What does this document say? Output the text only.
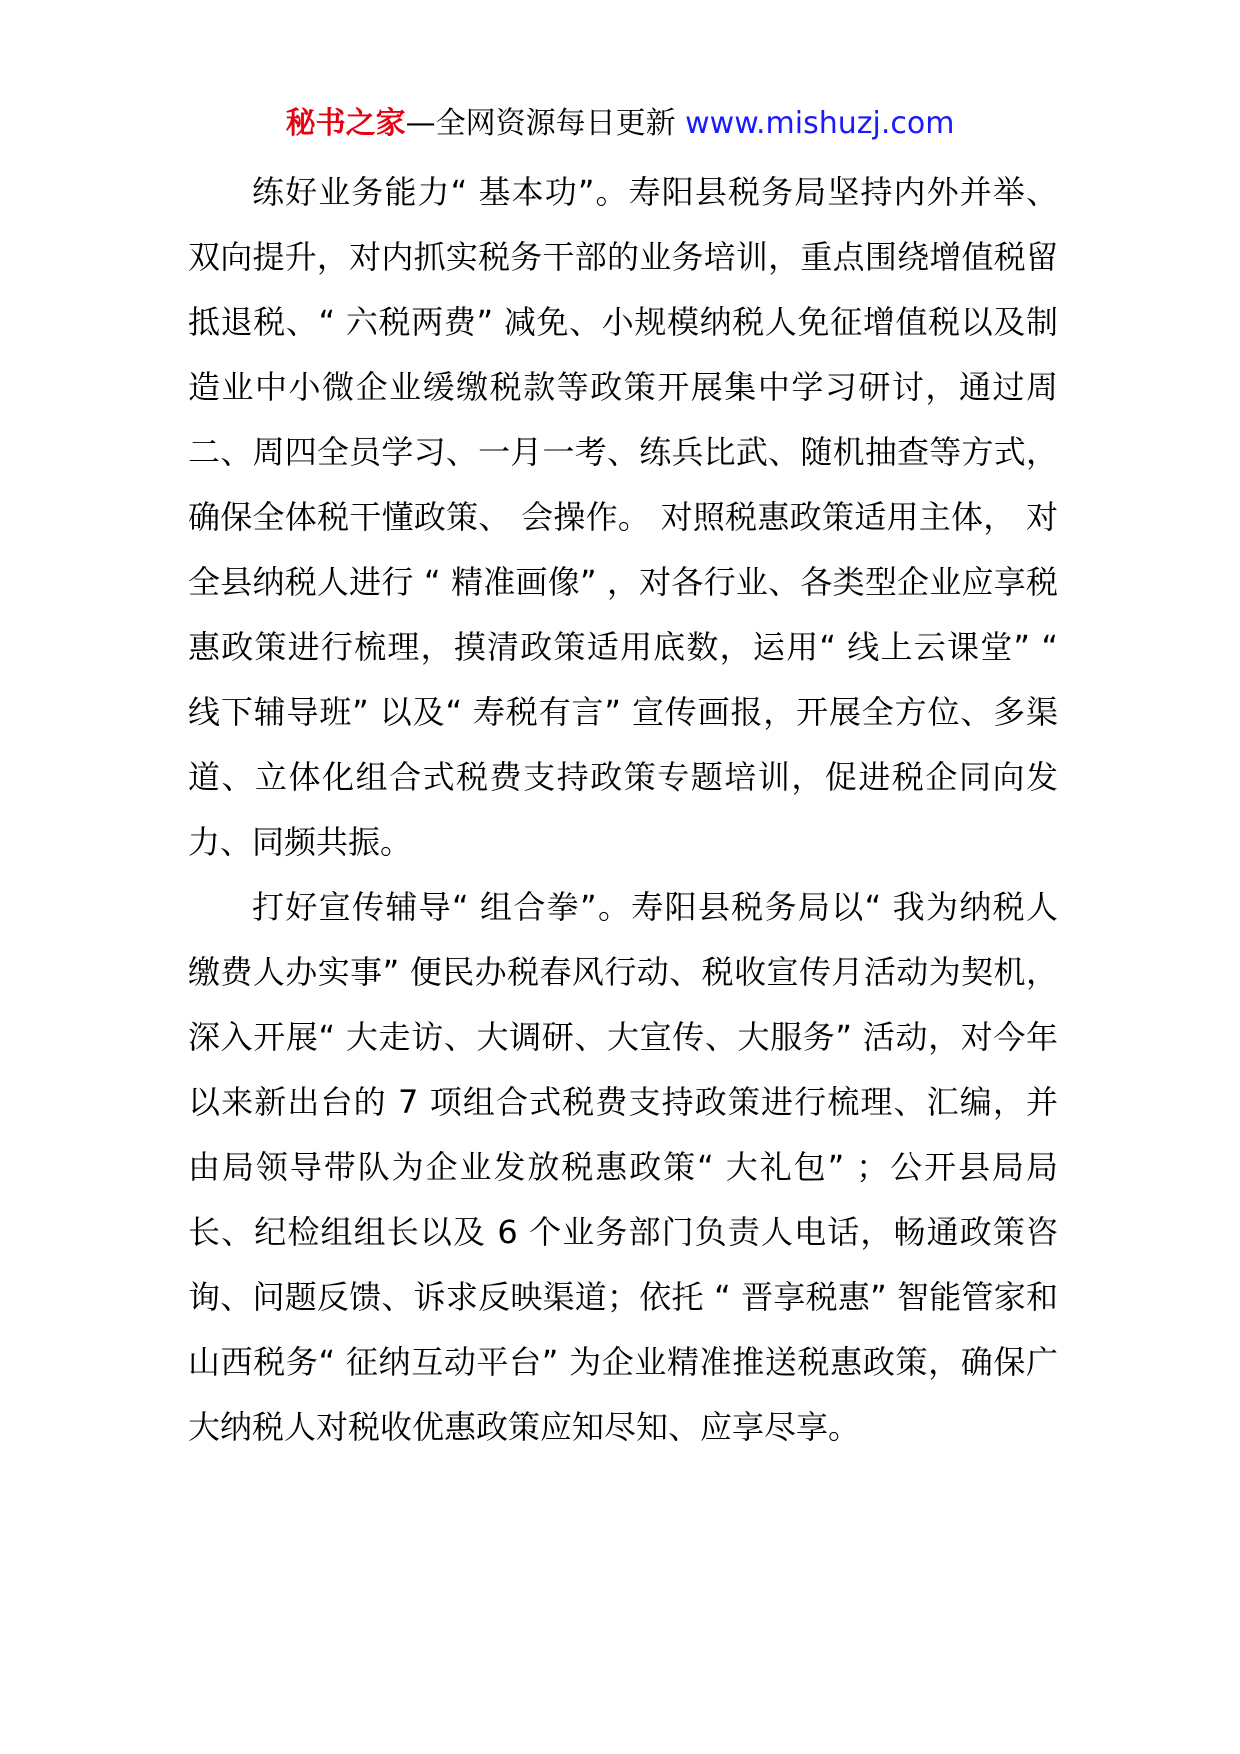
秘书之家—全网资源每日更新 www.mishuzj.com

练好业务能力“ 基本功”。寿阳县税务局坚持内外并举、双向提升，对内抓实税务干部的业务培训，重点围绕增值税留抵退税、“ 六税两费” 减免、小规模纳税人免征增值税以及制造业中小微企业缓缴税款等政策开展集中学习研讨，通过周二、周四全员学习、一月一考、练兵比武、随机抽查等方式， 确保全体税干懂政策、 会操作。 对照税惠政策适用主体， 对全县纳税人进行 “ 精准画像” ，对各行业、各类型企业应享税惠政策进行梳理，摸清政策适用底数，运用“ 线上云课堂” “ 线下辅导班” 以及“ 寿税有言” 宣传画报，开展全方位、多渠道、立体化组合式税费支持政策专题培训，促进税企同向发力、同频共振。

打好宣传辅导“ 组合拳”。寿阳县税务局以“ 我为纳税人缴费人办实事” 便民办税春风行动、税收宣传月活动为契机，深入开展“ 大走访、大调研、大宣传、大服务” 活动，对今年以来新出台的 7 项组合式税费支持政策进行梳理、汇编，并由局领导带队为企业发放税惠政策“ 大礼包” ；公开县局局长、纪检组组长以及 6 个业务部门负责人电话，畅通政策咨询、问题反馈、诉求反映渠道；依托 “ 晋享税惠” 智能管家和山西税务“ 征纳互动平台” 为企业精准推送税惠政策，确保广大纳税人对税收优惠政策应知尽知、应享尽享。
